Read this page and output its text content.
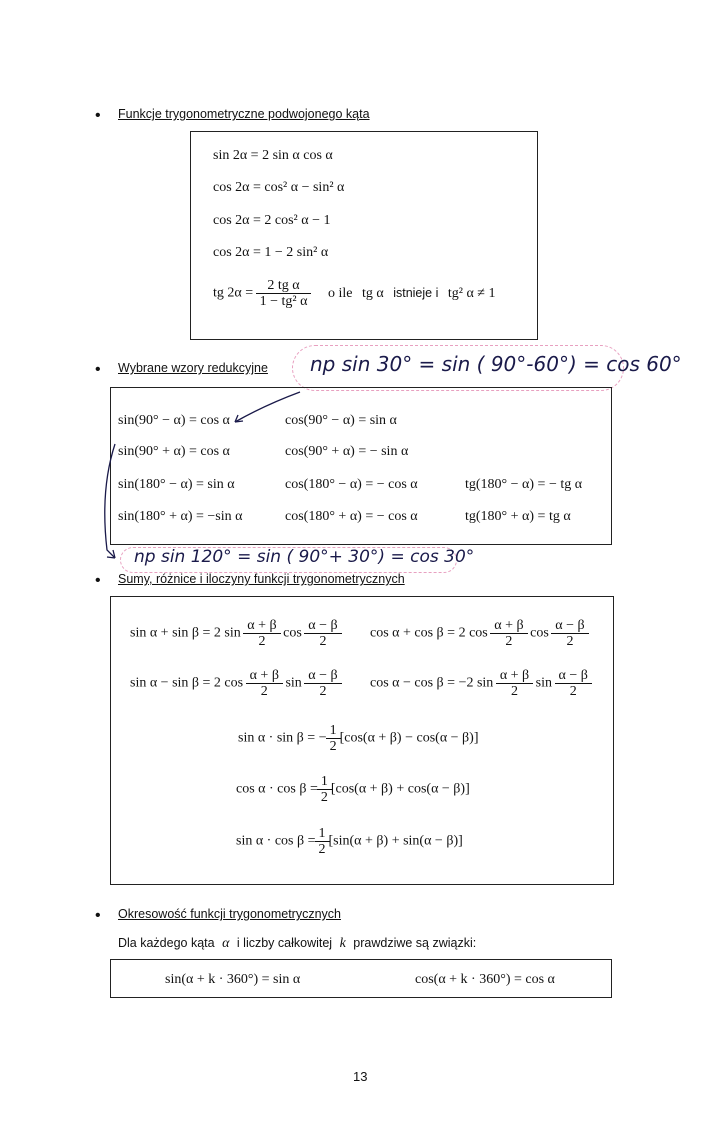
• Funkcje trygonometryczne podwojonego kąta
sin 2α = 2 sin α cos α
cos 2α = cos² α − sin² α
cos 2α = 2 cos² α − 1
cos 2α = 1 − 2 sin² α
tg $2\alpha = \frac{\text{2 tg α}}{\text{1 − tg² α}}$ o ile tg α istnieje i tg² α ≠ 1
• Wybrane wzory redukcyjne np sin 30° = sin ( 90°-60°) = cos 60°
sin(90° − α) = cos α	cos(90° − α) = sin α
sin(90° + α) = cos α	cos(90° + α) = − sin α
sin(180° − α) = sin α	cos(180° − α) = − cos α	tg(180° − α) = − tg α
sin(180° + α) = −sin α	cos(180° + α) = − cos α	tg(180° + α) = tg α
np sin 120° = sin ( 90°+ 30°) = cos 30°
• Sumy, różnice i iloczyny funkcji trygonometrycznych
sin α + sin β = 2 $\sin \frac{\alpha + \beta}{2}$ $\cos \frac{\alpha - \beta}{2}$ cos α + cos β = 2 $\cos \frac{\alpha + \beta}{2}$ $\cos \frac{\alpha - \beta}{2}$
sin α − sin β = 2 $\cos \frac{\alpha + \beta}{2}$ $\sin \frac{\alpha - \beta}{2}$ cos α − cos β = −2 $\sin \frac{\alpha + \beta}{2}$ $\sin \frac{\alpha - \beta}{2}$
sin α · sin β = − $\frac{1}{2} [\cos(\alpha + \beta) - \cos(\alpha - \beta)]$
$\cos \alpha \cdot \cos \beta = \frac{1}{2} [\cos(\alpha + \beta) + \cos(\alpha - \beta)]$
$\sin \alpha \cdot \cos \beta = \frac{1}{2} [\sin(\alpha + \beta) + \sin(\alpha - \beta)]$
• Okresowość funkcji trygonometrycznych
Dla każdego kąta α i liczby całkowitej k prawdziwe są związki:
sin(α + k · 360°) = sin α	cos(α + k · 360°) = cos α
13
